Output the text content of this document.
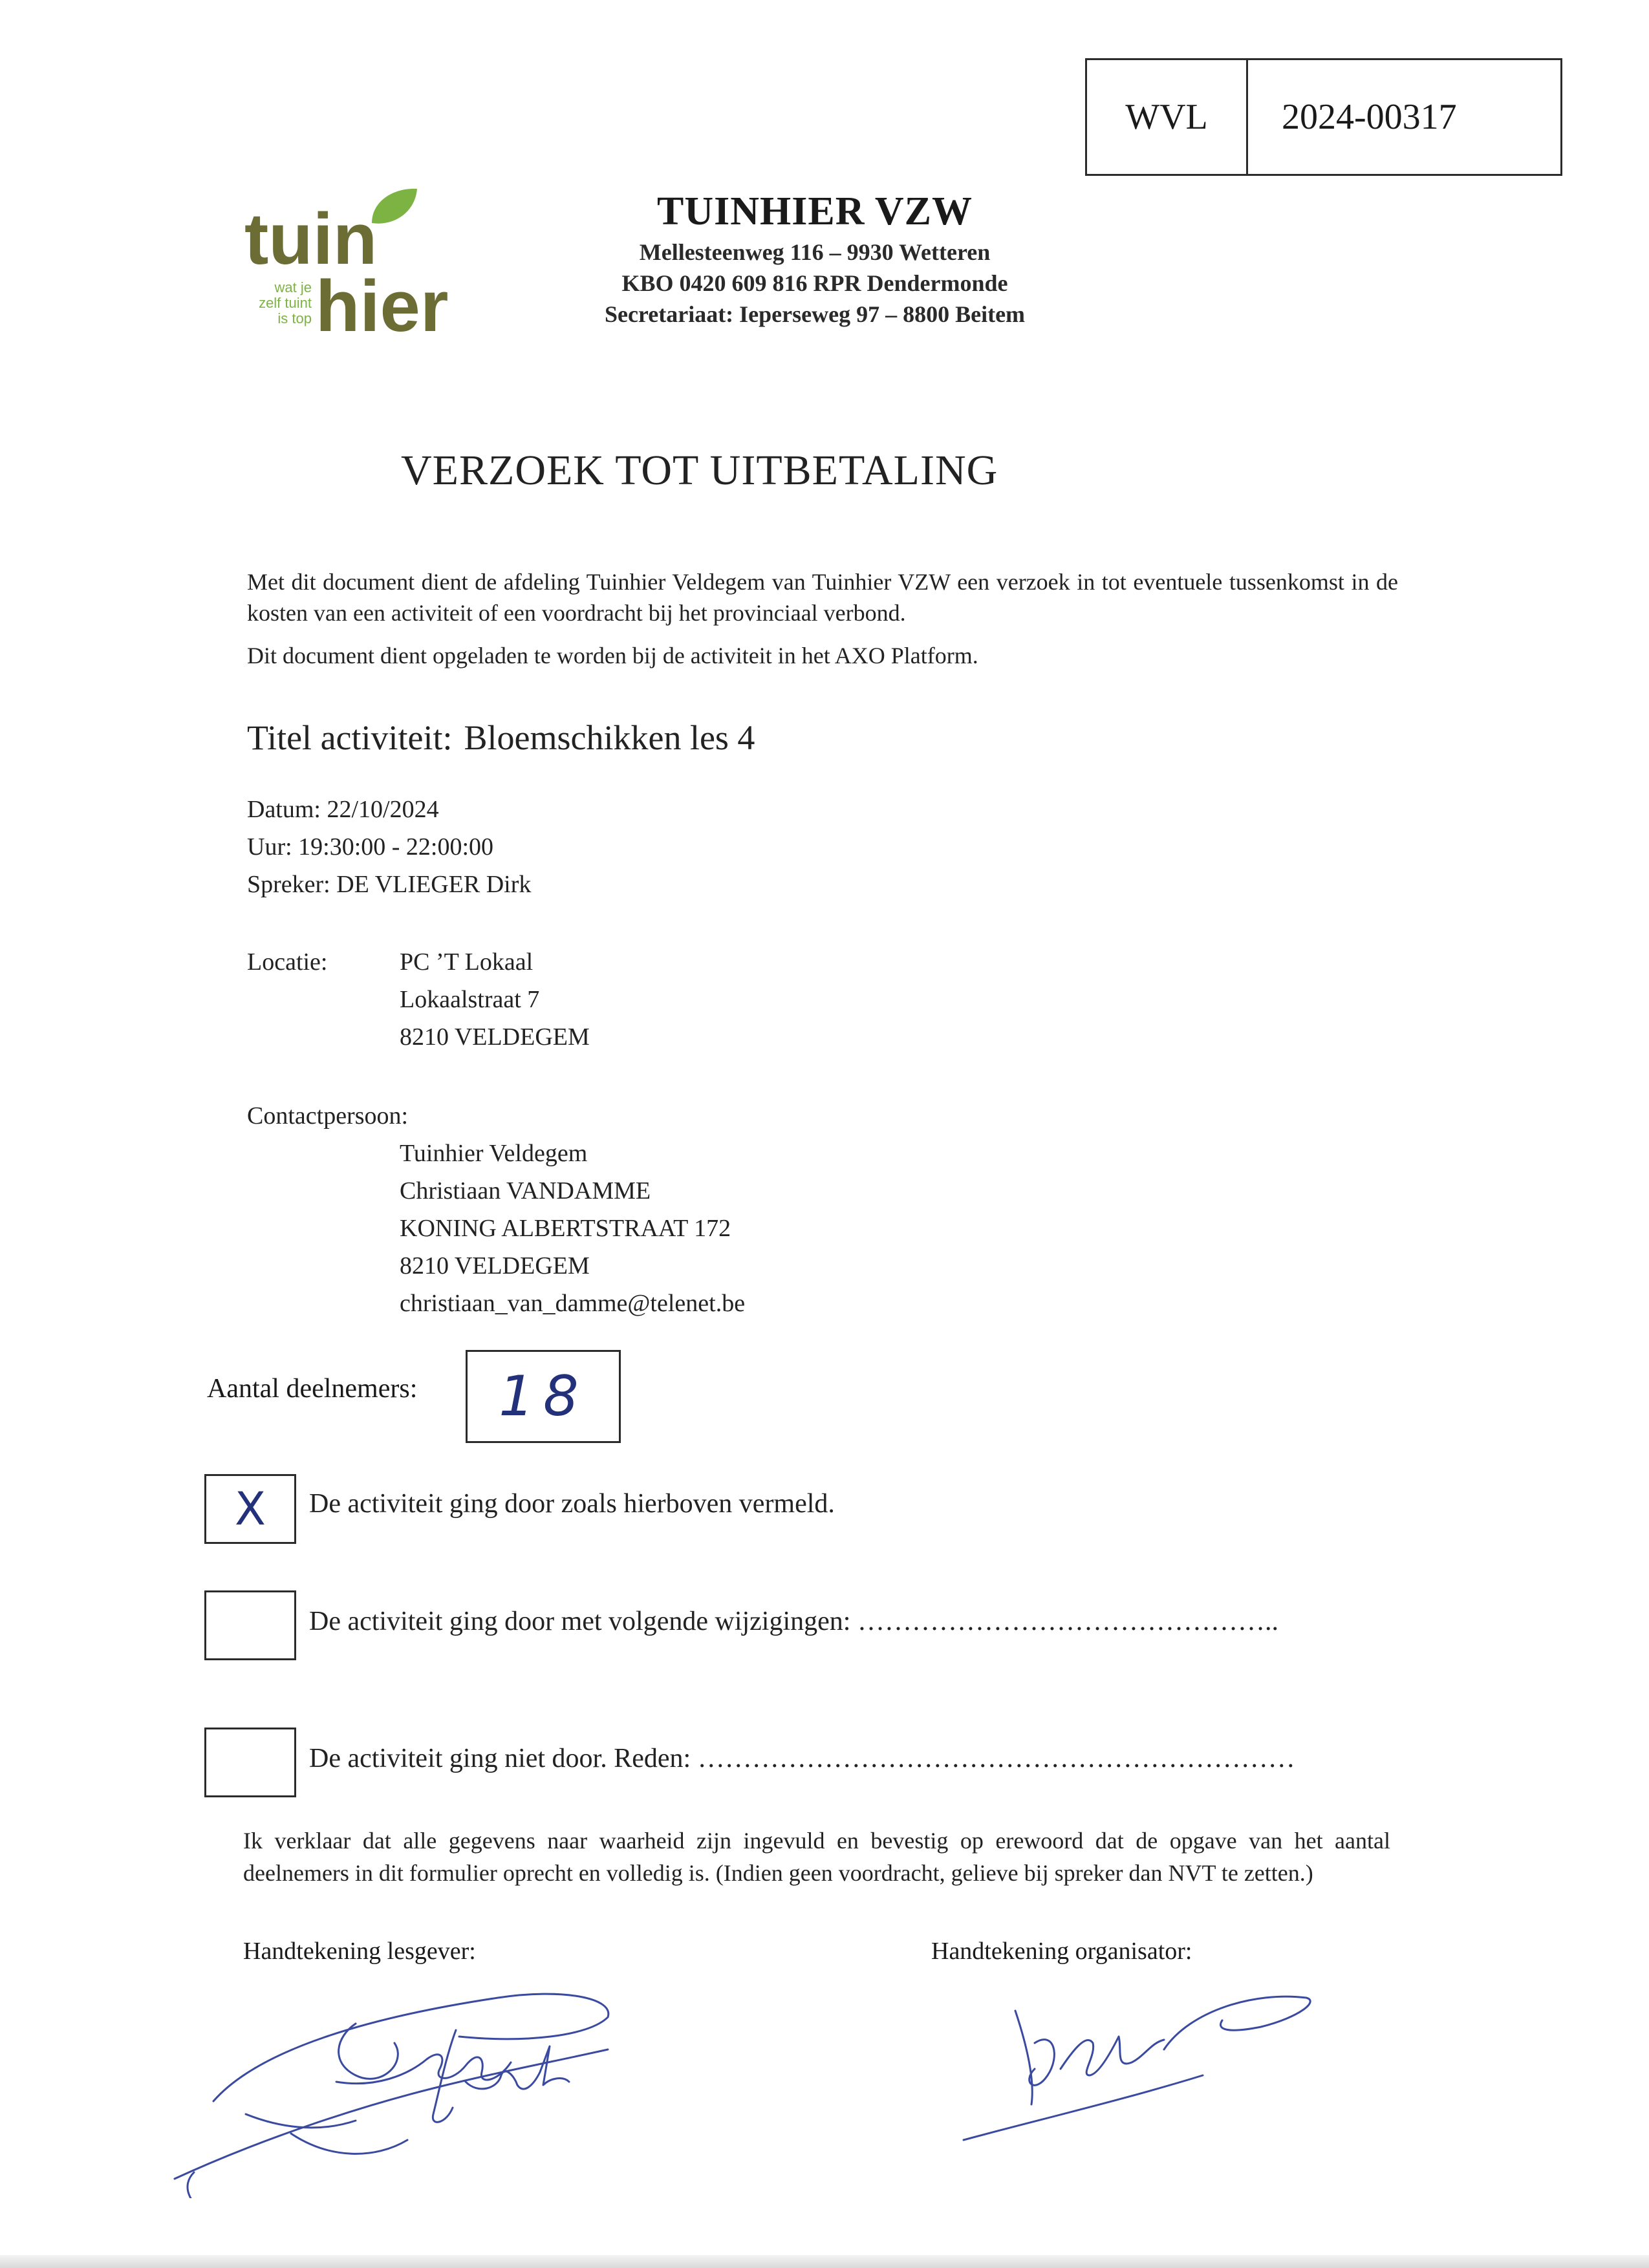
WVL	2024-00317
tuin
hier
wat je
zelf tuint
is top
TUINHIER VZW
Mellesteenweg 116 – 9930 Wetteren
KBO 0420 609 816 RPR Dendermonde
Secretariaat: Ieperseweg 97 – 8800 Beitem
VERZOEK TOT UITBETALING
Met dit document dient de afdeling Tuinhier Veldegem van Tuinhier VZW een verzoek in tot eventuele tussenkomst in de kosten van een activiteit of een voordracht bij het provinciaal verbond.
Dit document dient opgeladen te worden bij de activiteit in het AXO Platform.
Titel activiteit: Bloemschikken les 4
Datum: 22/10/2024
Uur: 19:30:00 - 22:00:00
Spreker: DE VLIEGER Dirk
Locatie:	PC ’T Lokaal
Lokaalstraat 7
8210 VELDEGEM
Contactpersoon:
Tuinhier Veldegem
Christiaan VANDAMME
KONING ALBERTSTRAAT 172
8210 VELDEGEM
christiaan_van_damme@telenet.be
Aantal deelnemers:	18
X	De activiteit ging door zoals hierboven vermeld.
De activiteit ging door met volgende wijzigingen: ………………………………………..
De activiteit ging niet door. Reden: …………………………………………………………
Ik verklaar dat alle gegevens naar waarheid zijn ingevuld en bevestig op erewoord dat de opgave van het aantal deelnemers in dit formulier oprecht en volledig is. (Indien geen voordracht, gelieve bij spreker dan NVT te zetten.)
Handtekening lesgever:	Handtekening organisator:
